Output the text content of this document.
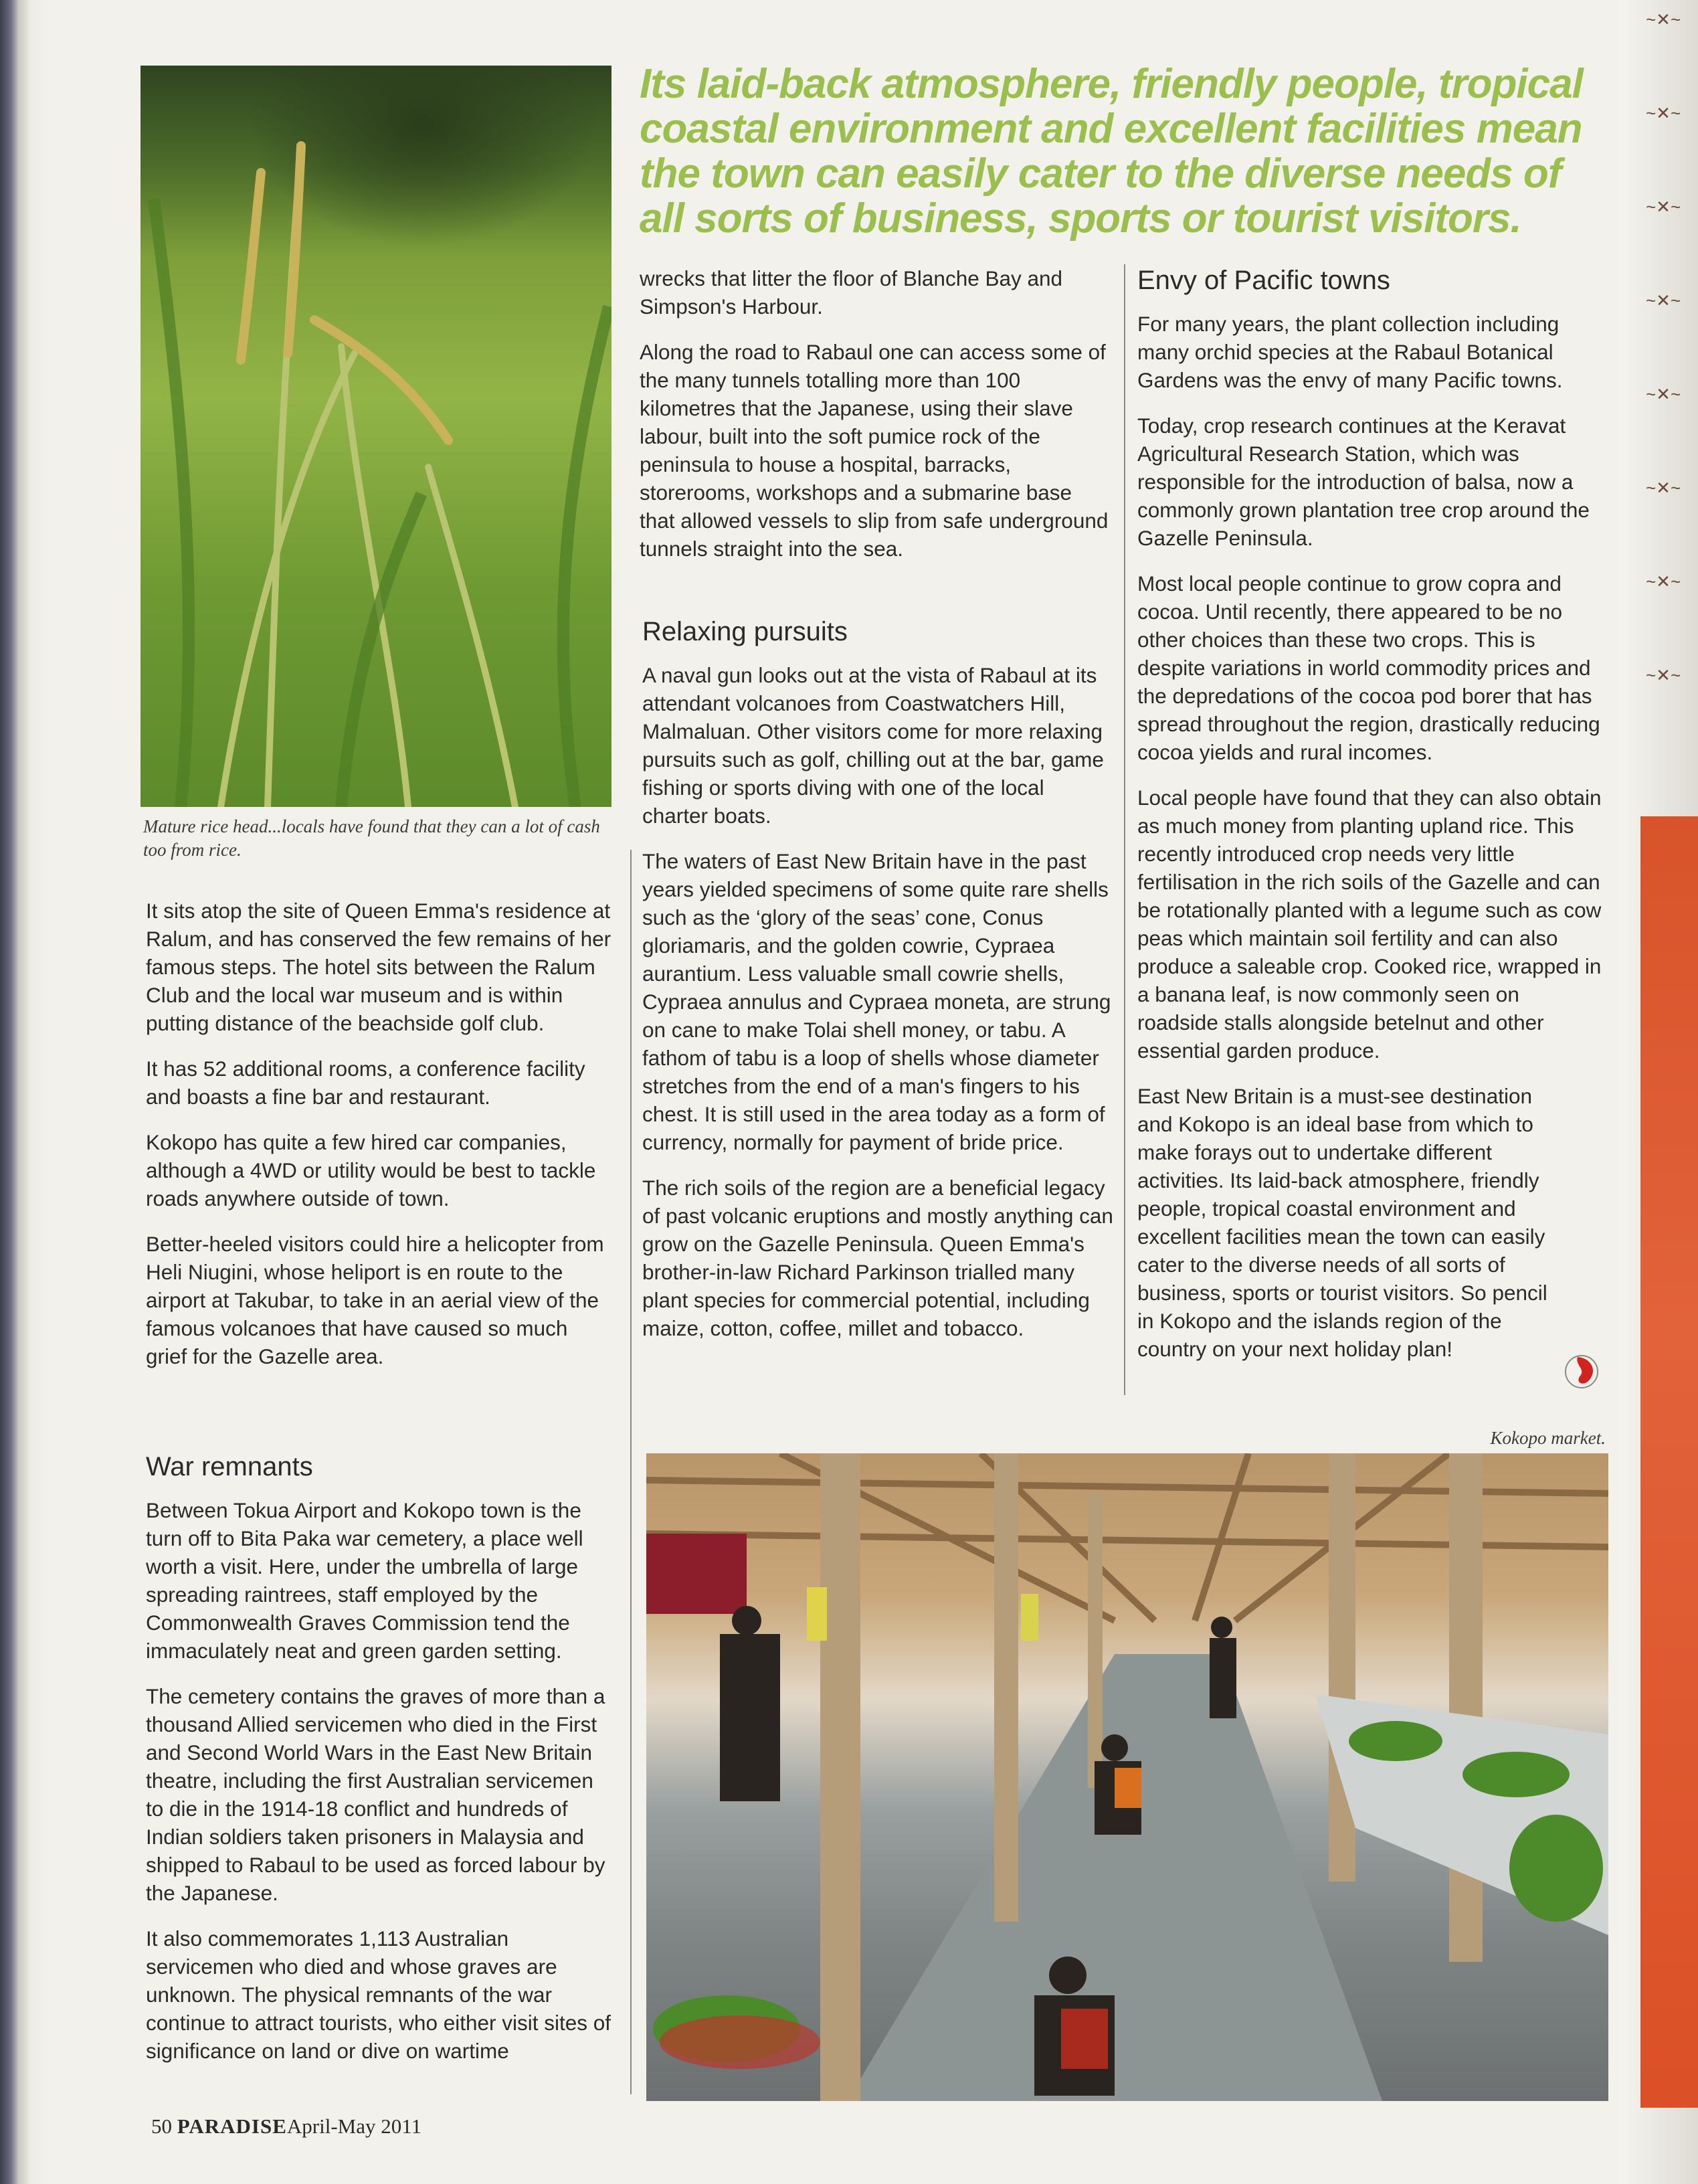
~✕~
~✕~
~✕~
~✕~
~✕~
~✕~
~✕~
~✕~
Mature rice head...locals have found that they can a lot of cash too from rice.
Its laid-back atmosphere, friendly people, tropical coastal environment and excellent facilities mean the town can easily cater to the diverse needs of all sorts of business, sports or tourist visitors.

It sits atop the site of Queen Emma's residence at Ralum, and has conserved the few remains of her famous steps. The hotel sits between the Ralum Club and the local war museum and is within putting distance of the beachside golf club.

It has 52 additional rooms, a conference facility and boasts a fine bar and restaurant.

Kokopo has quite a few hired car companies, although a 4WD or utility would be best to tackle roads anywhere outside of town.

Better-heeled visitors could hire a helicopter from Heli Niugini, whose heliport is en route to the airport at Takubar, to take in an aerial view of the famous volcanoes that have caused so much grief for the Gazelle area.

War remnants

Between Tokua Airport and Kokopo town is the turn off to Bita Paka war cemetery, a place well worth a visit. Here, under the umbrella of large spreading raintrees, staff employed by the Commonwealth Graves Commission tend the immaculately neat and green garden setting.

The cemetery contains the graves of more than a thousand Allied servicemen who died in the First and Second World Wars in the East New Britain theatre, including the first Australian servicemen to die in the 1914-18 conflict and hundreds of Indian soldiers taken prisoners in Malaysia and shipped to Rabaul to be used as forced labour by the Japanese.

It also commemorates 1,113 Australian servicemen who died and whose graves are unknown. The physical remnants of the war continue to attract tourists, who either visit sites of significance on land or dive on wartime

wrecks that litter the floor of Blanche Bay and Simpson's Harbour.

Along the road to Rabaul one can access some of the many tunnels totalling more than 100 kilometres that the Japanese, using their slave labour, built into the soft pumice rock of the peninsula to house a hospital, barracks, storerooms, workshops and a submarine base that allowed vessels to slip from safe underground tunnels straight into the sea.

Relaxing pursuits

A naval gun looks out at the vista of Rabaul at its attendant volcanoes from Coastwatchers Hill, Malmaluan. Other visitors come for more relaxing pursuits such as golf, chilling out at the bar, game fishing or sports diving with one of the local charter boats.

The waters of East New Britain have in the past years yielded specimens of some quite rare shells such as the ‘glory of the seas’ cone, Conus gloriamaris, and the golden cowrie, Cypraea aurantium. Less valuable small cowrie shells, Cypraea annulus and Cypraea moneta, are strung on cane to make Tolai shell money, or tabu. A fathom of tabu is a loop of shells whose diameter stretches from the end of a man's fingers to his chest. It is still used in the area today as a form of currency, normally for payment of bride price.

The rich soils of the region are a beneficial legacy of past volcanic eruptions and mostly anything can grow on the Gazelle Peninsula. Queen Emma's brother-in-law Richard Parkinson trialled many plant species for commercial potential, including maize, cotton, coffee, millet and tobacco.

Envy of Pacific towns

For many years, the plant collection including many orchid species at the Rabaul Botanical Gardens was the envy of many Pacific towns.

Today, crop research continues at the Keravat Agricultural Research Station, which was responsible for the introduction of balsa, now a commonly grown plantation tree crop around the Gazelle Peninsula.

Most local people continue to grow copra and cocoa. Until recently, there appeared to be no other choices than these two crops. This is despite variations in world commodity prices and the depredations of the cocoa pod borer that has spread throughout the region, drastically reducing cocoa yields and rural incomes.

Local people have found that they can also obtain as much money from planting upland rice. This recently introduced crop needs very little fertilisation in the rich soils of the Gazelle and can be rotationally planted with a legume such as cow peas which maintain soil fertility and can also produce a saleable crop. Cooked rice, wrapped in a banana leaf, is now commonly seen on roadside stalls alongside betelnut and other essential garden produce.

East New Britain is a must-see destination and Kokopo is an ideal base from which to make forays out to undertake different activities. Its laid-back atmosphere, friendly people, tropical coastal environment and excellent facilities mean the town can easily cater to the diverse needs of all sorts of business, sports or tourist visitors. So pencil in Kokopo and the islands region of the country on your next holiday plan!

Kokopo market.
50 PARADISEApril-May 2011
